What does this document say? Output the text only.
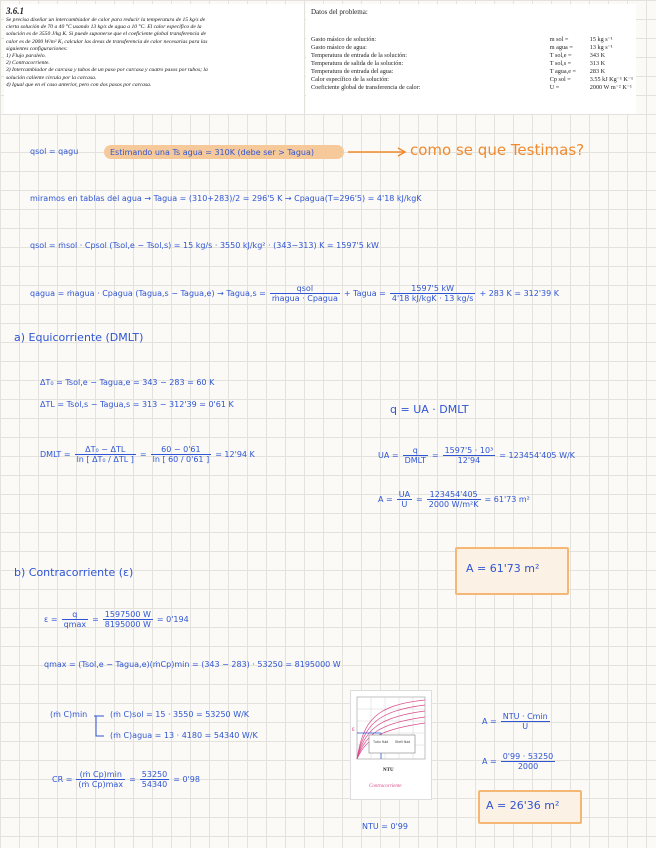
3.6.1

Se precisa diseñar un intercambiador de calor para reducir la temperatura de 15 kg/s de
cierta solución de 70 a 40 °C usando 13 kg/s de agua a 10 °C. El calor específico de la
solución es de 3550 J/kg K. Si puede suponerse que el coeficiente global transferencia de
calor es de 2000 W/m² K, calcular las áreas de transferencia de calor necesarias para las
siguientes configuraciones:
1) Flujo paralelo.
2) Contracorriente.
3) Intercambiador de carcasa y tubos de un paso por carcasa y cuatro pasos por tubos; la
solución caliente circula por la carcasa.
4) Igual que en el caso anterior, pero con dos pasos por carcasa.

Datos del problema:
Gasto másico de solución:	m sol =	15 kg s⁻¹
Gasto másico de agua:	m agua =	13 kg s⁻¹
Temperatura de entrada de la solución:	T sol,e =	343 K
Temperatura de salida de la solución:	T sol,s =	313 K
Temperatura de entrada del agua:	T agua,e =	283 K
Calor específico de la solución:	Cp sol =	3.55 kJ Kg⁻¹ K⁻¹
Coeficiente global de transferencia de calor:	U =	2000 W m⁻² K⁻¹
qsol = qagu	Estimando una Ts agua = 310K (debe ser > Tagua)	como se que Testimas?
miramos en tablas del agua → Tagua = (310+283)/2 = 296'5 K → Cpagua(T=296'5) = 4'18 kJ/kgK
qsol = ṁsol · Cpsol (Tsol,e − Tsol,s) = 15 kg/s · 3550 kJ/kg² · (343−313) K = 1597'5 kW
qagua = ṁagua · Cpagua (Tagua,s − Tagua,e) → Tagua,s = $\frac{\text{qsol}}{\text{ṁagua · Cpagua}}$ + Tagua = $\frac{1597'5 kW}{\text{4'18 kJ/kgK · 13 kg/s}} + 283$ K = 312'39 K
a) Equicorriente (DMLT)
ΔT₀ = Tsol,e − Tagua,e = 343 − 283 = 60 K
ΔTL = Tsol,s − Tagua,s = 313 − 312'39 = 0'61 K	q = UA · DMLT
DMLT = $\frac{\text{ΔT₀ − ΔTL}}{\text{ln [ ΔT₀ / ΔTL ]}} = \frac{60 - 0'61}{\ln [ 60 / 0'61 ]} = 12'94$ K	UA = $\frac{q}{\text{DMLT}} = \frac{\text{1597'5 · 10³}}{12'94} = 123454'405$ W/K
$A = \frac{UA}{U} = \frac{123454'405}{\text{2000 W/m²K}} = 61'73$ m²
A = 61'73 m²
b) Contracorriente (ε)
$\varepsilon = \frac{q}{qmax} = \frac{1597500 W}{8195000 W} = 0'194$
qmax = (Tsol,e − Tagua,e)(ṁCp)min = (343 − 283) · 53250 = 8195000 W
(ṁ C)min	(ṁ C)sol = 15 · 3550 = 53250 W/K
(ṁ C)agua = 13 · 4180 = 54340 W/K
CR = $\frac{\text{(ṁ Cp)min}}{\text{(ṁ Cp)max}} = \frac{53250}{54340} = 0'98$
Tubo fluid Shell fluid
ε
NTU
Contracorriente
NTU = 0'99
$A = \frac{\text{NTU · Cmin}}{U}$
$A = \frac{0'99 \cdot 53250}{2000}$
A = 26'36 m²
